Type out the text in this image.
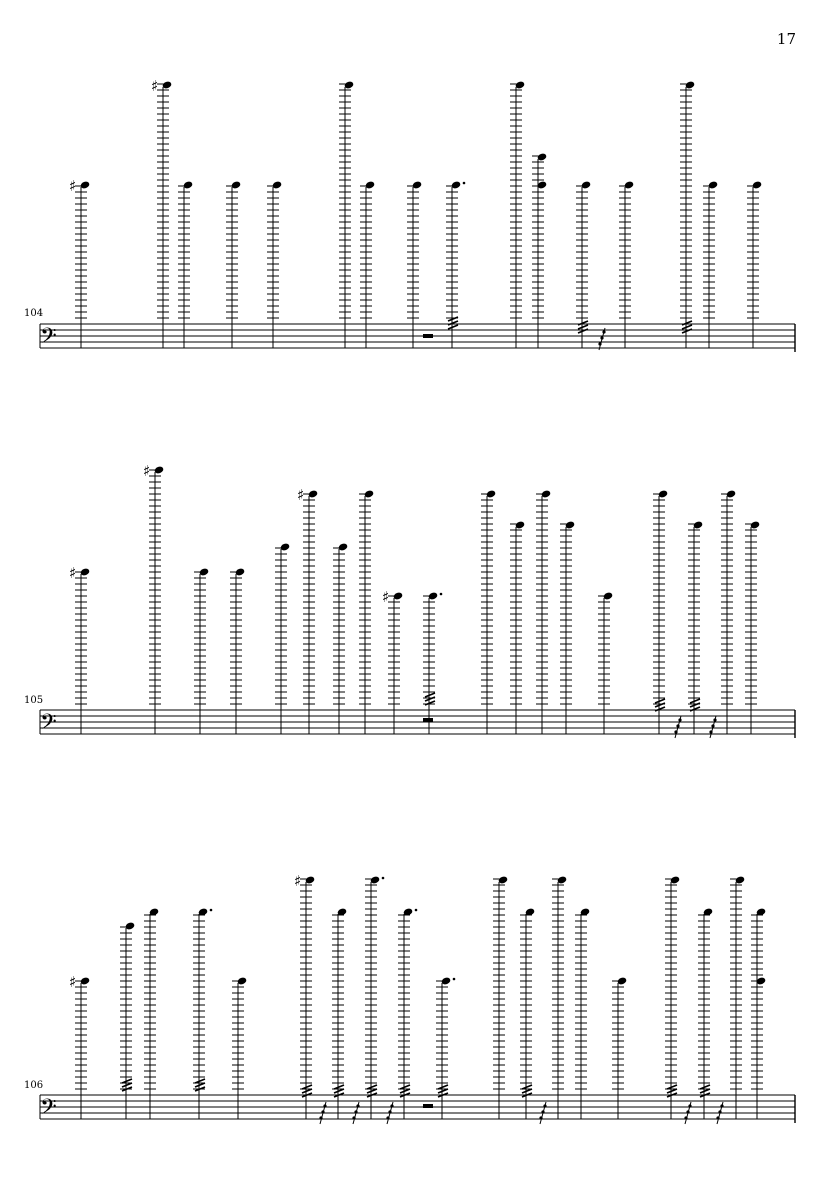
17
104
105
106
𝄢
♯
♯
𝄢
♯
♯
♯
♯
𝄢
♯
♯
